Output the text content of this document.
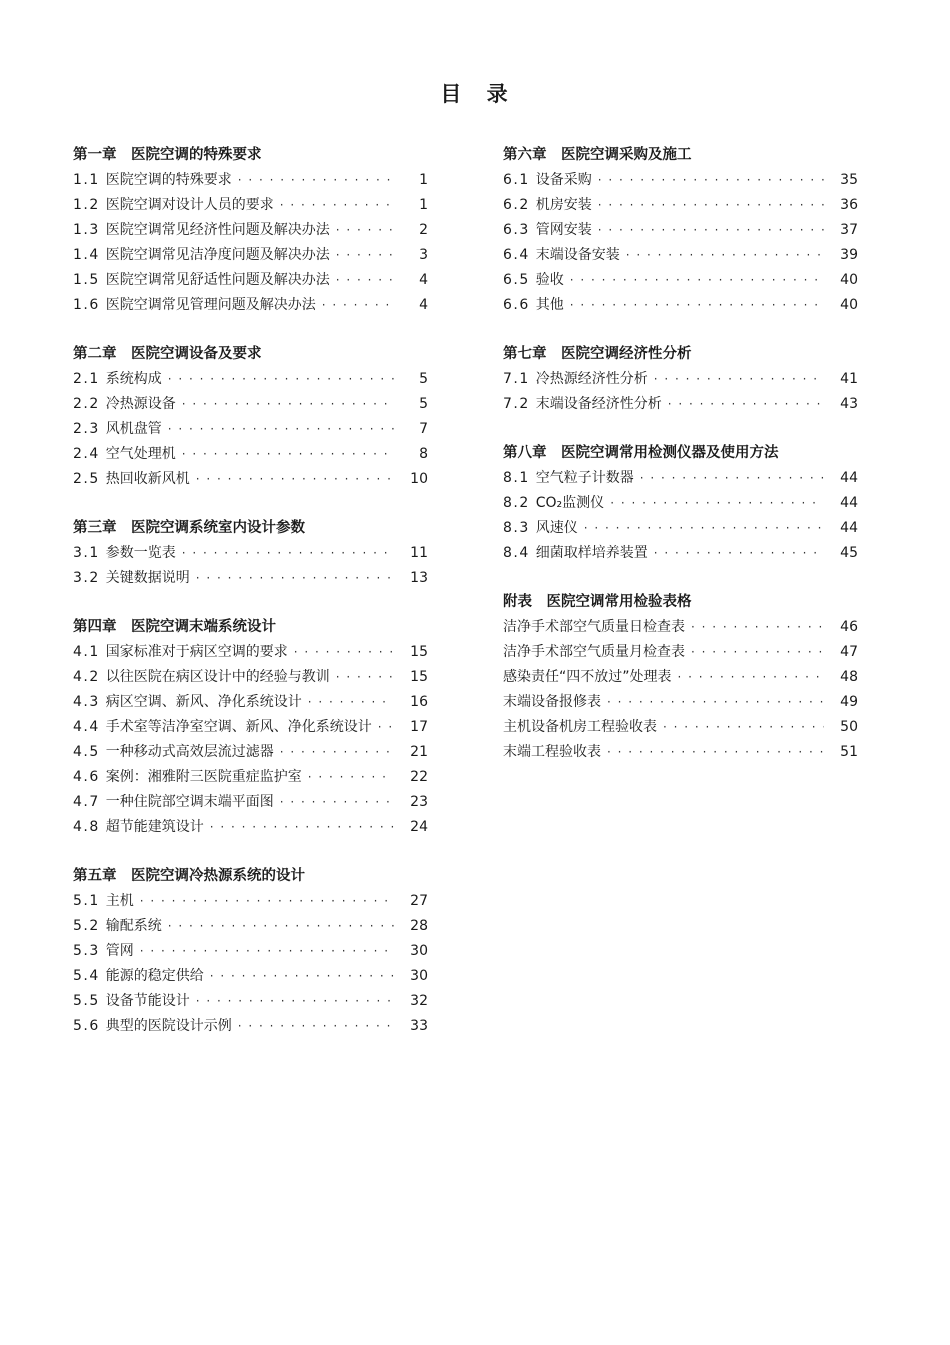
目 录
第一章　医院空调的特殊要求
1.1 医院空调的特殊要求 · · ·	1
1.2 医院空调对设计人员的要求 · · ·	1
1.3 医院空调常见经济性问题及解决办法 · · ·	2
1.4 医院空调常见洁净度问题及解决办法 · · ·	3
1.5 医院空调常见舒适性问题及解决办法 · · ·	4
1.6 医院空调常见管理问题及解决办法 · · ·	4
第二章　医院空调设备及要求
2.1 系统构成 · · ·	5
2.2 冷热源设备 · · ·	5
2.3 风机盘管 · · ·	7
2.4 空气处理机 · · ·	8
2.5 热回收新风机 · · ·	10
第三章　医院空调系统室内设计参数
3.1 参数一览表 · · ·	11
3.2 关键数据说明 · · ·	13
第四章　医院空调末端系统设计
4.1 国家标准对于病区空调的要求 · · ·	15
4.2 以往医院在病区设计中的经验与教训 · · ·	15
4.3 病区空调、新风、净化系统设计 · · ·	16
4.4 手术室等洁净室空调、新风、净化系统设计 · · ·	17
4.5 一种移动式高效层流过滤器 · · ·	21
4.6 案例：湘雅附三医院重症监护室 · · ·	22
4.7 一种住院部空调末端平面图 · · ·	23
4.8 超节能建筑设计 · · ·	24
第五章　医院空调冷热源系统的设计
5.1 主机 · · ·	27
5.2 输配系统 · · ·	28
5.3 管网 · · ·	30
5.4 能源的稳定供给 · · ·	30
5.5 设备节能设计 · · ·	32
5.6 典型的医院设计示例 · · ·	33
第六章　医院空调采购及施工
6.1 设备采购 · · ·	35
6.2 机房安装 · · ·	36
6.3 管网安装 · · ·	37
6.4 末端设备安装 · · ·	39
6.5 验收 · · ·	40
6.6 其他 · · ·	40
第七章　医院空调经济性分析
7.1 冷热源经济性分析 · · ·	41
7.2 末端设备经济性分析 · · ·	43
第八章　医院空调常用检测仪器及使用方法
8.1 空气粒子计数器 · · ·	44
8.2 CO₂监测仪 · · ·	44
8.3 风速仪 · · ·	44
8.4 细菌取样培养装置 · · ·	45
附表　医院空调常用检验表格
洁净手术部空气质量日检查表 · · ·	46
洁净手术部空气质量月检查表 · · ·	47
感染责任“四不放过”处理表 · · ·	48
末端设备报修表 · · ·	49
主机设备机房工程验收表 · · ·	50
末端工程验收表 · · ·	51
